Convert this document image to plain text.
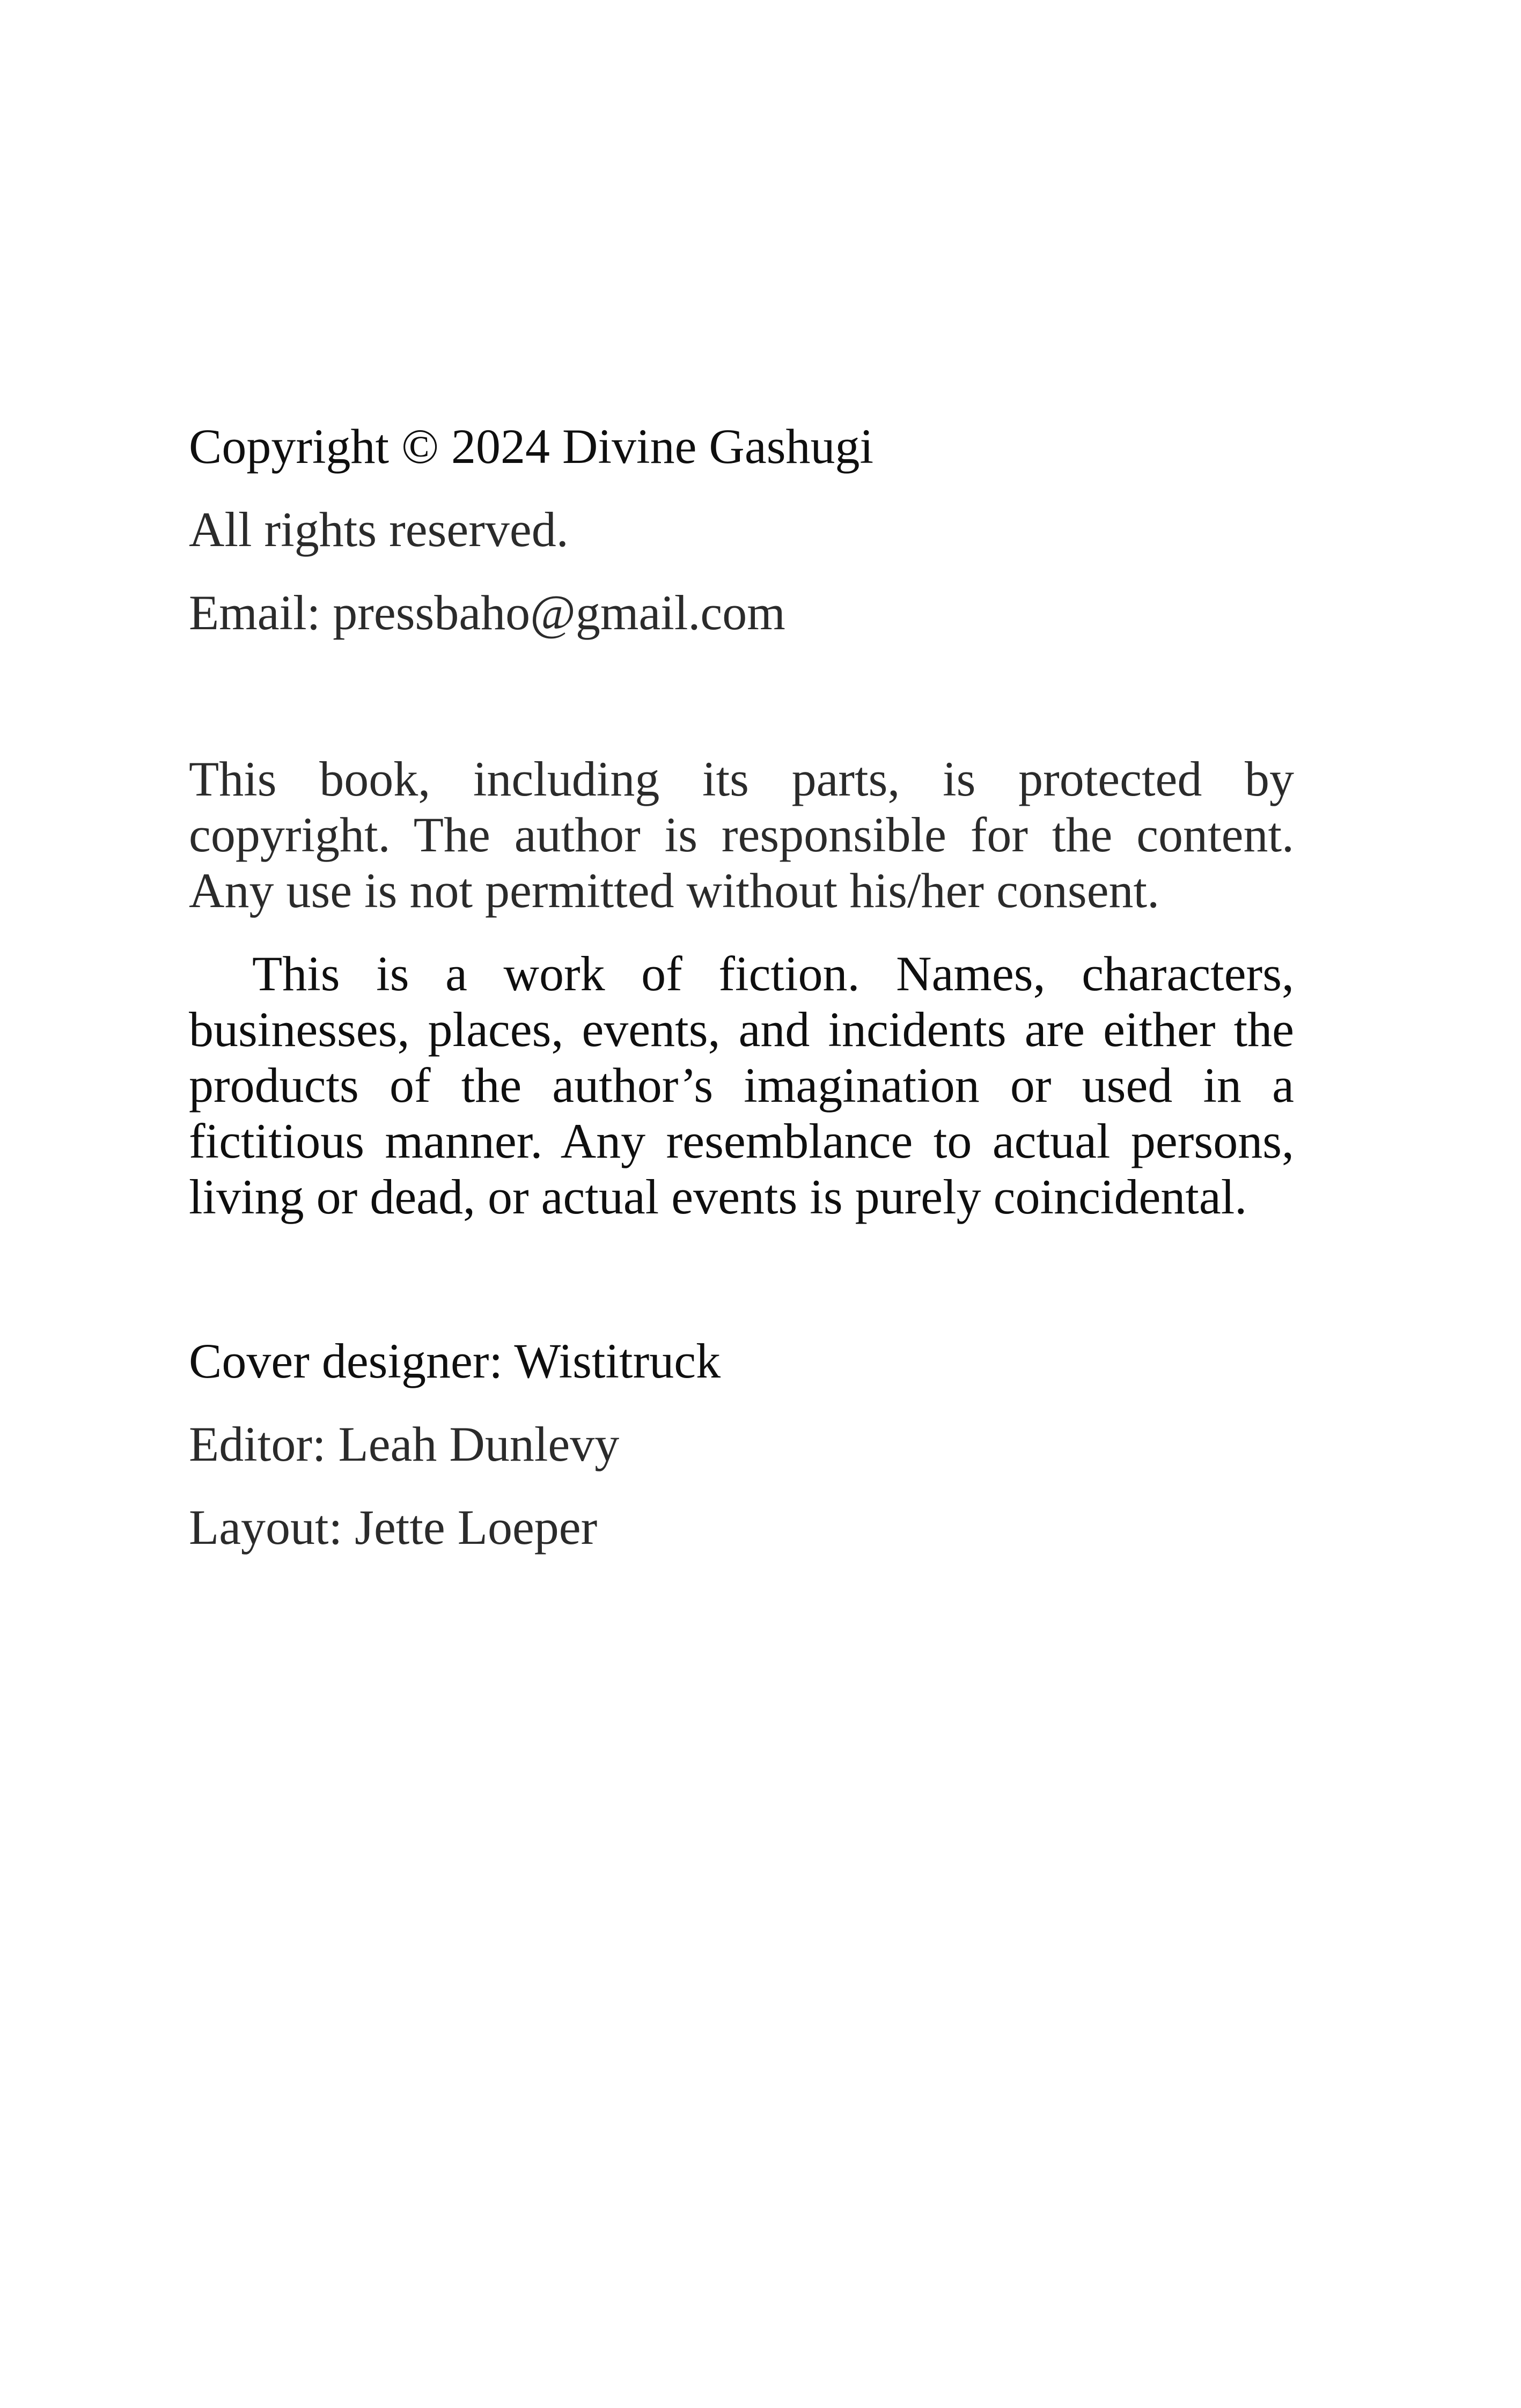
Copyright © 2024 Divine Gashugi
All rights reserved.
Email: pressbaho@gmail.com

This book, including its parts, is protected by copyright. The author is responsible for the content. Any use is not permitted without his/her consent.

This is a work of fiction. Names, characters, businesses, places, events, and incidents are either the products of the author’s imagination or used in a fictitious manner. Any resemblance to actual persons, living or dead, or actual events is purely coincidental.

Cover designer: Wistitruck
Editor: Leah Dunlevy
Layout: Jette Loeper
